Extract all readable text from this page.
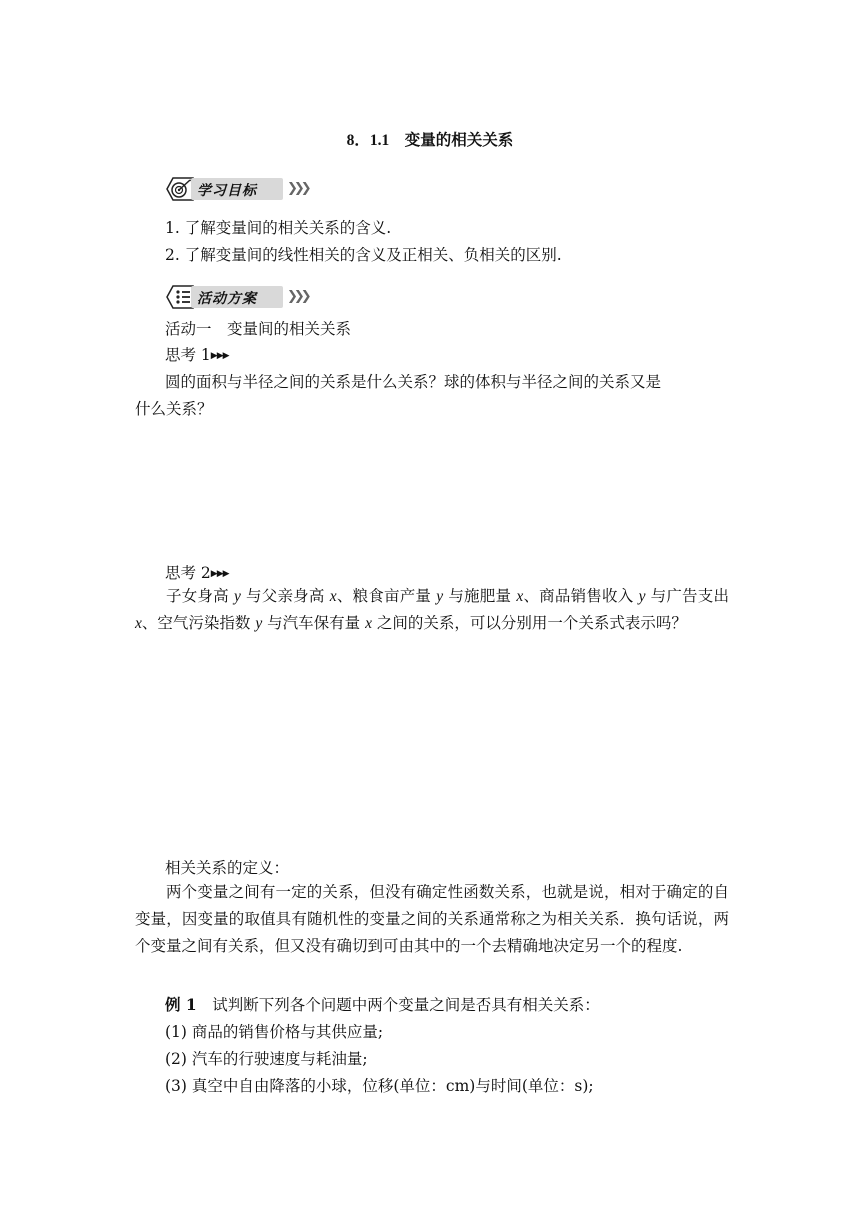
8．1.1　变量的相关关系
学习目标 ❯❯❯
1. 了解变量间的相关关系的含义.
2. 了解变量间的线性相关的含义及正相关、负相关的区别.
活动方案 ❯❯❯
活动一　变量间的相关关系
思考 1▶▶▶
圆的面积与半径之间的关系是什么关系？球的体积与半径之间的关系又是
什么关系？
思考 2▶▶▶
子女身高 y 与父亲身高 x、粮食亩产量 y 与施肥量 x、商品销售收入 y 与广告支出 x、空气污染指数 y 与汽车保有量 x 之间的关系，可以分别用一个关系式表示吗？
相关关系的定义：
两个变量之间有一定的关系，但没有确定性函数关系，也就是说，相对于确定的自变量，因变量的取值具有随机性的变量之间的关系通常称之为相关关系．换句话说，两个变量之间有关系，但又没有确切到可由其中的一个去精确地决定另一个的程度.
例 1　试判断下列各个问题中两个变量之间是否具有相关关系：
(1) 商品的销售价格与其供应量;
(2) 汽车的行驶速度与耗油量;
(3) 真空中自由降落的小球，位移(单位：cm)与时间(单位：s);
